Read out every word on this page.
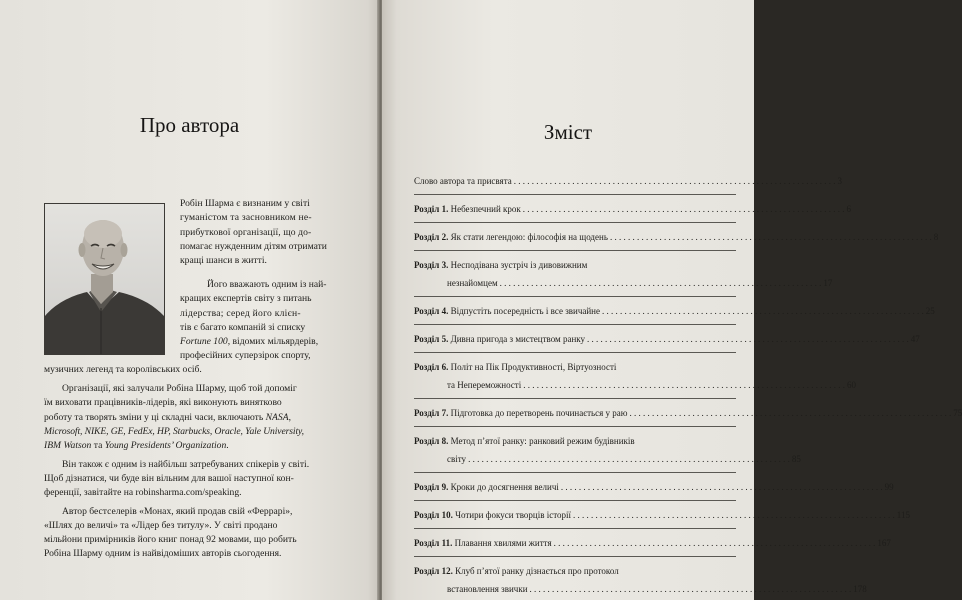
Про автора
Робін Шарма є визнаним у світі
гуманістом та засновником не-
прибуткової організації, що до-
помагає нужденним дітям отримати
кращі шанси в житті.
Його вважають одним із най-
кращих експертів світу з питань
лідерства; серед його клієн-
тів є багато компаній зі списку
Fortune 100, відомих мільярдерів,
професійних суперзірок спорту,
музичних легенд та королівських осіб.
Організації, які залучали Робіна Шарму, щоб той допоміг
їм виховати працівників-лідерів, які виконують винятково
роботу та творять зміни у ці складні часи, включають NASA,
Microsoft, NIKE, GE, FedEx, HP, Starbucks, Oracle, Yale University,
IBM Watson та Young Presidents’ Organization.
Він також є одним із найбільш затребуваних спікерів у світі.
Щоб дізнатися, чи буде він вільним для вашої наступної кон-
ференції, завітайте на robinsharma.com/speaking.
Автор бестселерів «Монах, який продав свій «Феррарі»,
«Шлях до величі» та «Лідер без титулу». У світі продано
мільйони примірників його книг понад 92 мовами, що робить
Робіна Шарму одним із найвідоміших авторів сьогодення.
Зміст
Слово автора та присвята . . . . . . . . . . . . . . . . . . . . . . . . . . . . . . . . . . . . . . . . . . . . . . . . . . . . . . . . . . . . . . . . . . . . . . . . 3
Розділ 1.
Небезпечний крок . . . . . . . . . . . . . . . . . . . . . . . . . . . . . . . . . . . . . . . . . . . . . . . . . . . . . . . . . . . . . . . . . . . . . . . . 6
Розділ 2.
Як стати легендою: філософія на щодень . . . . . . . . . . . . . . . . . . . . . . . . . . . . . . . . . . . . . . . . . . . . . . . . . . . . . . . . . . . . . . . . . . . . . . . . 8
Розділ 3.
Несподівана зустріч із дивовижним
незнайомцем . . . . . . . . . . . . . . . . . . . . . . . . . . . . . . . . . . . . . . . . . . . . . . . . . . . . . . . . . . . . . . . . . . . . . . . . 17
Розділ 4.
Відпустіть посередність і все звичайне . . . . . . . . . . . . . . . . . . . . . . . . . . . . . . . . . . . . . . . . . . . . . . . . . . . . . . . . . . . . . . . . . . . . . . . . 25
Розділ 5.
Дивна пригода з мистецтвом ранку . . . . . . . . . . . . . . . . . . . . . . . . . . . . . . . . . . . . . . . . . . . . . . . . . . . . . . . . . . . . . . . . . . . . . . . . 47
Розділ 6.
Політ на Пік Продуктивності, Віртуозності
та Непереможності . . . . . . . . . . . . . . . . . . . . . . . . . . . . . . . . . . . . . . . . . . . . . . . . . . . . . . . . . . . . . . . . . . . . . . . . 60
Розділ 7.
Підготовка до перетворень починається у раю . . . . . . . . . . . . . . . . . . . . . . . . . . . . . . . . . . . . . . . . . . . . . . . . . . . . . . . . . . . . . . . . . . . . . . . . 75
Розділ 8.
Метод п’ятої ранку: ранковий режим будівників
світу . . . . . . . . . . . . . . . . . . . . . . . . . . . . . . . . . . . . . . . . . . . . . . . . . . . . . . . . . . . . . . . . . . . . . . . . 85
Розділ 9.
Кроки до досягнення величі . . . . . . . . . . . . . . . . . . . . . . . . . . . . . . . . . . . . . . . . . . . . . . . . . . . . . . . . . . . . . . . . . . . . . . . . 99
Розділ 10.
Чотири фокуси творців історії . . . . . . . . . . . . . . . . . . . . . . . . . . . . . . . . . . . . . . . . . . . . . . . . . . . . . . . . . . . . . . . . . . . . . . . . 115
Розділ 11.
Плавання хвилями життя . . . . . . . . . . . . . . . . . . . . . . . . . . . . . . . . . . . . . . . . . . . . . . . . . . . . . . . . . . . . . . . . . . . . . . . . 167
Розділ 12.
Клуб п’ятої ранку дізнається про протокол
встановлення звички . . . . . . . . . . . . . . . . . . . . . . . . . . . . . . . . . . . . . . . . . . . . . . . . . . . . . . . . . . . . . . . . . . . . . . . . 178
